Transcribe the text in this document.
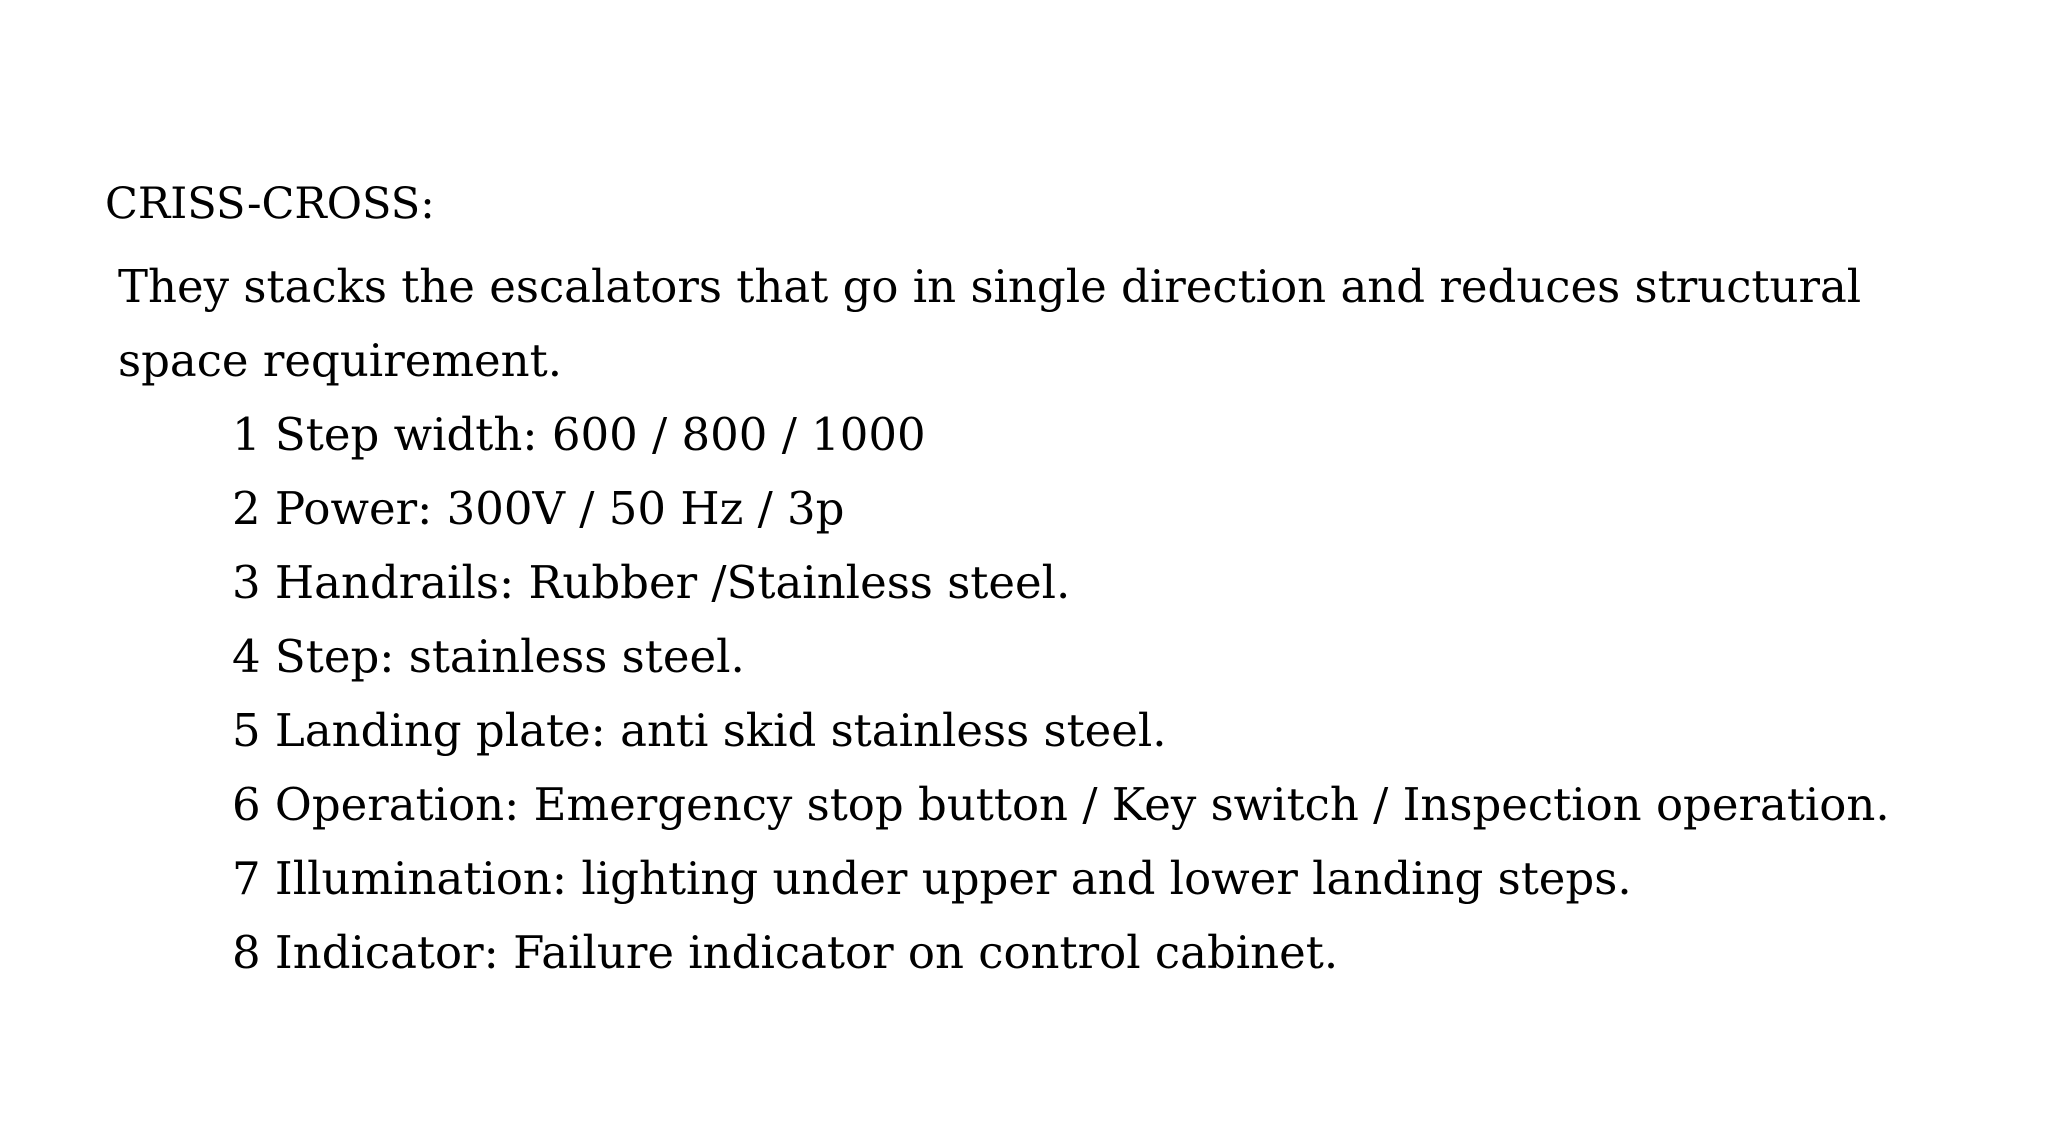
CRISS-CROSS:
They stacks the escalators that go in single direction and reduces structural
space requirement.
1 Step width: 600 / 800 / 1000
2 Power: 300V / 50 Hz / 3p
3 Handrails: Rubber /Stainless steel.
4 Step: stainless steel.
5 Landing plate: anti skid stainless steel.
6 Operation: Emergency stop button / Key switch / Inspection operation.
7 Illumination: lighting under upper and lower landing steps.
8 Indicator: Failure indicator on control cabinet.
